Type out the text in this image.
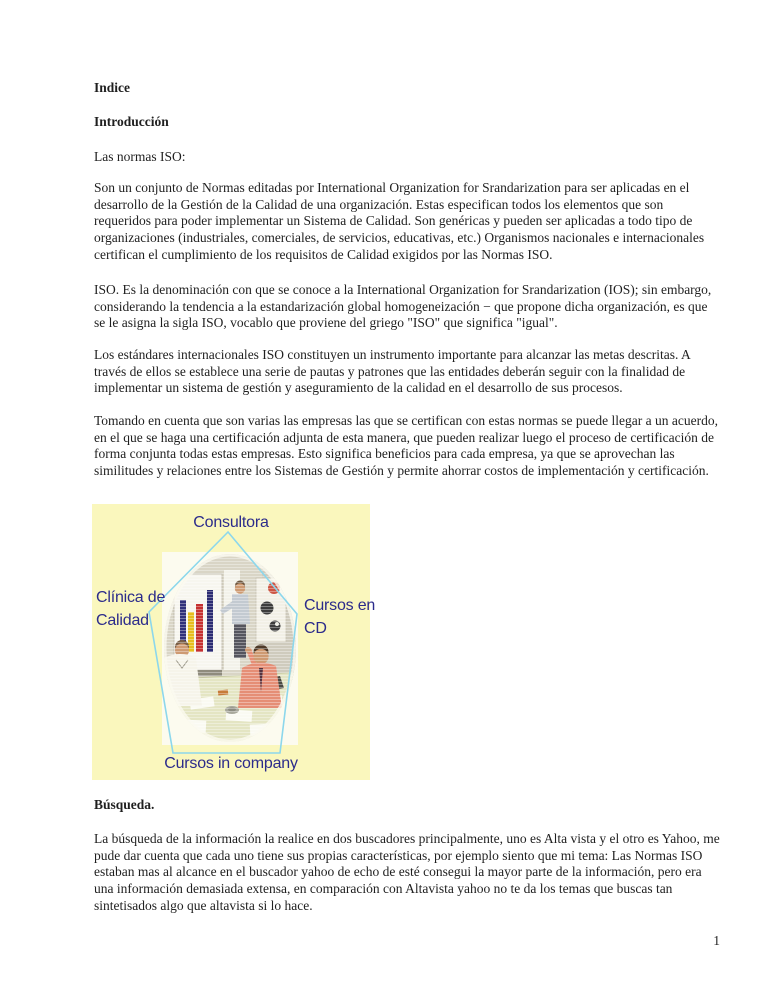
Indice
Introducción
Las normas ISO:
Son un conjunto de Normas editadas por International Organization for Srandarization para ser aplicadas en el desarrollo de la Gestión de la Calidad de una organización. Estas especifican todos los elementos que son requeridos para poder implementar un Sistema de Calidad. Son genéricas y pueden ser aplicadas a todo tipo de organizaciones (industriales, comerciales, de servicios, educativas, etc.) Organismos nacionales e internacionales certifican el cumplimiento de los requisitos de Calidad exigidos por las Normas ISO.
ISO. Es la denominación con que se conoce a la International Organization for Srandarization (IOS); sin embargo, considerando la tendencia a la estandarización global homogeneización − que propone dicha organización, es que se le asigna la sigla ISO, vocablo que proviene del griego "ISO" que significa "igual".
Los estándares internacionales ISO constituyen un instrumento importante para alcanzar las metas descritas. A través de ellos se establece una serie de pautas y patrones que las entidades deberán seguir con la finalidad de implementar un sistema de gestión y aseguramiento de la calidad en el desarrollo de sus procesos.
Tomando en cuenta que son varias las empresas las que se certifican con estas normas se puede llegar a un acuerdo, en el que se haga una certificación adjunta de esta manera, que pueden realizar luego el proceso de certificación de forma conjunta todas estas empresas. Esto significa beneficios para cada empresa, ya que se aprovechan las similitudes y relaciones entre los Sistemas de Gestión y permite ahorrar costos de implementación y certificación.
Consultora
Clínica de Calidad
Cursos en CD
Cursos in company
Búsqueda.
La búsqueda de la información la realice en dos buscadores principalmente, uno es Alta vista y el otro es Yahoo, me pude dar cuenta que cada uno tiene sus propias características, por ejemplo siento que mi tema: Las Normas ISO estaban mas al alcance en el buscador yahoo de echo de esté consegui la mayor parte de la información, pero era una información demasiada extensa, en comparación con Altavista yahoo no te da los temas que buscas tan sintetisados algo que altavista si lo hace.
1
